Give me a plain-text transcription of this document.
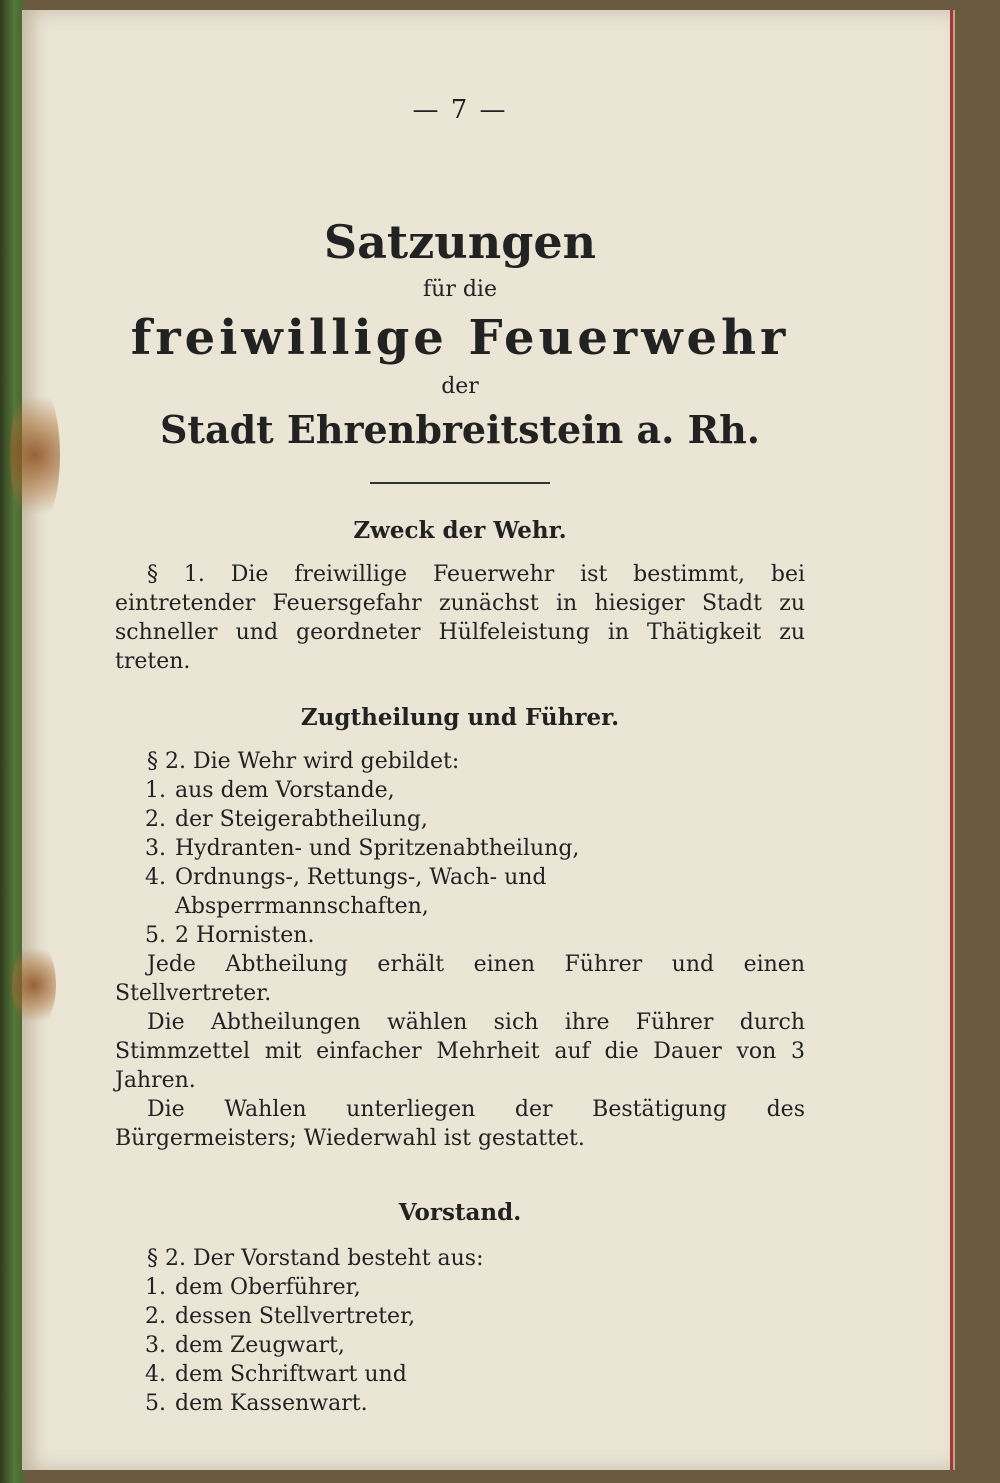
— 7 —
Satzungen
für die
freiwillige Feuerwehr
der
Stadt Ehrenbreitstein a. Rh.
Zweck der Wehr.

§ 1. Die freiwillige Feuerwehr ist bestimmt, bei eintretender Feuersgefahr zunächst in hiesiger Stadt zu schneller und geordneter Hülfeleistung in Thätigkeit zu treten.

Zugtheilung und Führer.
§ 2. Die Wehr wird gebildet:
1. aus dem Vorstande,
2. der Steigerabtheilung,
3. Hydranten- und Spritzenabtheilung,
4. Ordnungs-, Rettungs-, Wach- und Absperrmannschaften,
5. 2 Hornisten.

Jede Abtheilung erhält einen Führer und einen Stellvertreter.

Die Abtheilungen wählen sich ihre Führer durch Stimmzettel mit einfacher Mehrheit auf die Dauer von 3 Jahren.

Die Wahlen unterliegen der Bestätigung des Bürgermeisters; Wiederwahl ist gestattet.

Vorstand.
§ 2. Der Vorstand besteht aus:
1. dem Oberführer,
2. dessen Stellvertreter,
3. dem Zeugwart,
4. dem Schriftwart und
5. dem Kassenwart.
